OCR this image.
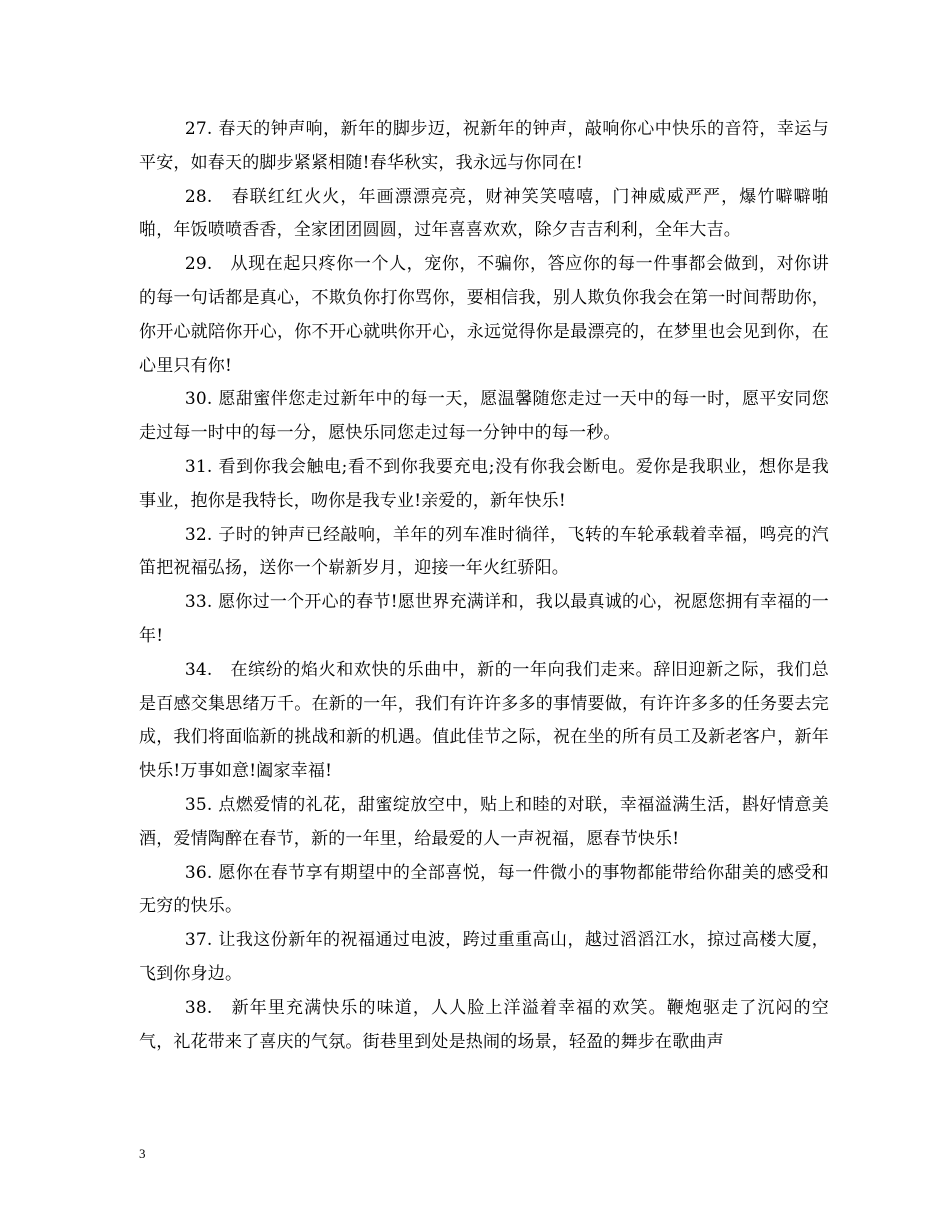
27. 春天的钟声响，新年的脚步迈，祝新年的钟声，敲响你心中快乐的音符，幸运与平安，如春天的脚步紧紧相随!春华秋实，我永远与你同在!

28.　春联红红火火，年画漂漂亮亮，财神笑笑嘻嘻，门神威威严严，爆竹噼噼啪啪，年饭喷喷香香，全家团团圆圆，过年喜喜欢欢，除夕吉吉利利，全年大吉。

29.　从现在起只疼你一个人，宠你，不骗你，答应你的每一件事都会做到，对你讲的每一句话都是真心，不欺负你打你骂你，要相信我，别人欺负你我会在第一时间帮助你，你开心就陪你开心，你不开心就哄你开心，永远觉得你是最漂亮的，在梦里也会见到你，在心里只有你!

30. 愿甜蜜伴您走过新年中的每一天，愿温馨随您走过一天中的每一时，愿平安同您走过每一时中的每一分，愿快乐同您走过每一分钟中的每一秒。

31. 看到你我会触电;看不到你我要充电;没有你我会断电。爱你是我职业，想你是我事业，抱你是我特长，吻你是我专业!亲爱的，新年快乐!

32. 子时的钟声已经敲响，羊年的列车准时徜徉，飞转的车轮承载着幸福，鸣亮的汽笛把祝福弘扬，送你一个崭新岁月，迎接一年火红骄阳。

33. 愿你过一个开心的春节!愿世界充满详和，我以最真诚的心，祝愿您拥有幸福的一年!

34.　在缤纷的焰火和欢快的乐曲中，新的一年向我们走来。辞旧迎新之际，我们总是百感交集思绪万千。在新的一年，我们有许许多多的事情要做，有许许多多的任务要去完成，我们将面临新的挑战和新的机遇。值此佳节之际，祝在坐的所有员工及新老客户，新年快乐!万事如意!阖家幸福!

35. 点燃爱情的礼花，甜蜜绽放空中，贴上和睦的对联，幸福溢满生活，斟好情意美酒，爱情陶醉在春节，新的一年里，给最爱的人一声祝福，愿春节快乐!

36. 愿你在春节享有期望中的全部喜悦，每一件微小的事物都能带给你甜美的感受和无穷的快乐。

37. 让我这份新年的祝福通过电波，跨过重重高山，越过滔滔江水，掠过高楼大厦，飞到你身边。

38.　新年里充满快乐的味道，人人脸上洋溢着幸福的欢笑。鞭炮驱走了沉闷的空气，礼花带来了喜庆的气氛。街巷里到处是热闹的场景，轻盈的舞步在歌曲声

3
